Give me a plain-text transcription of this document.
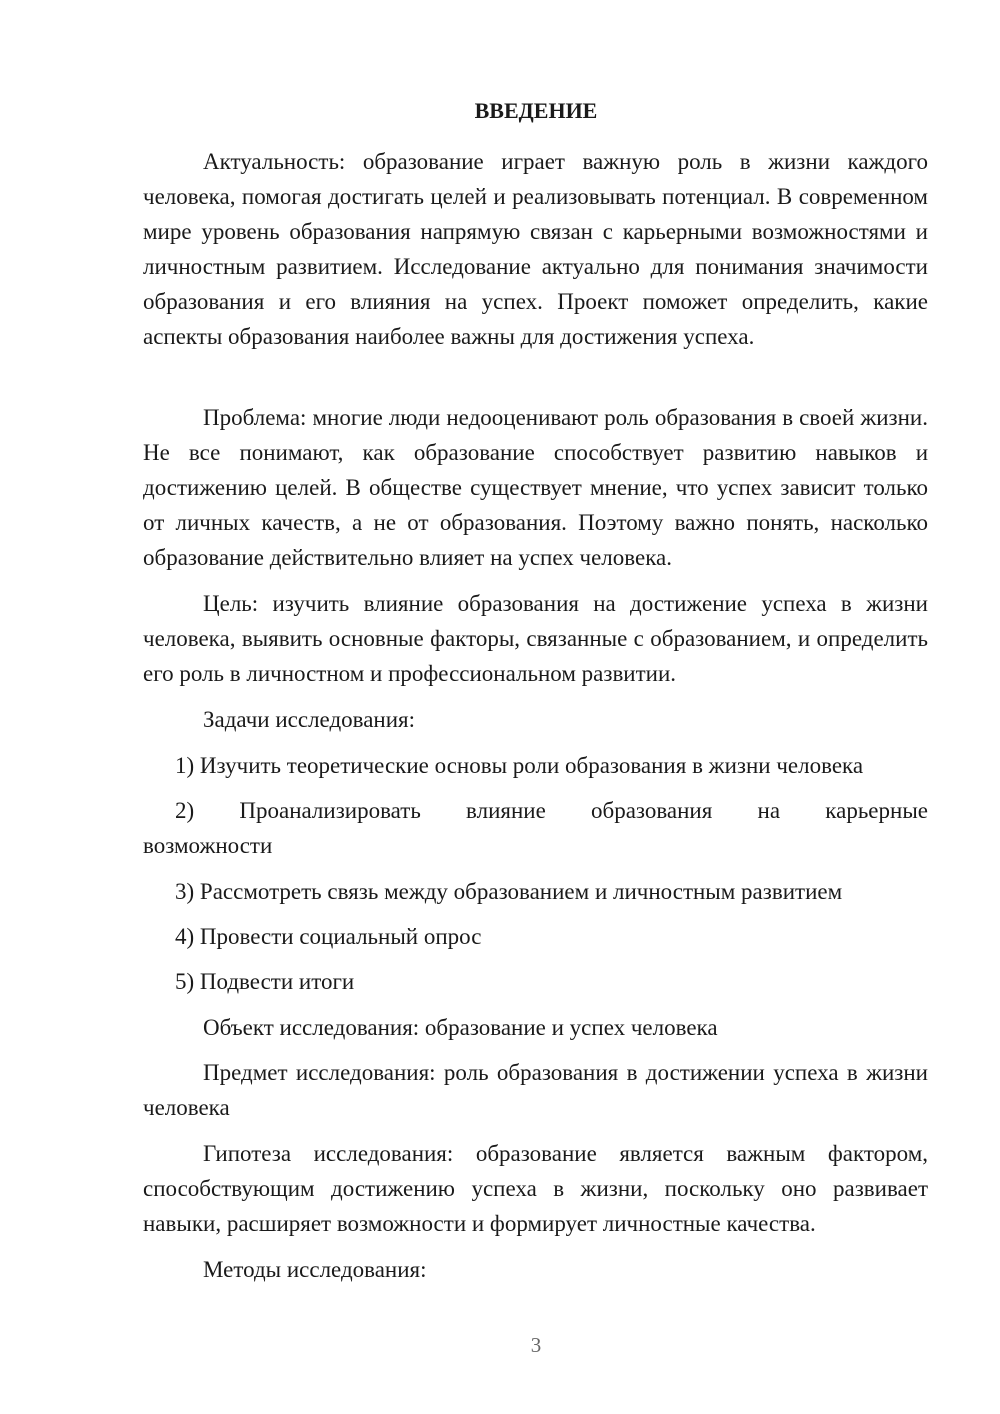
ВВЕДЕНИЕ

Актуальность: образование играет важную роль в жизни каждого человека, помогая достигать целей и реализовывать потенциал. В современном мире уровень образования напрямую связан с карьерными возможностями и личностным развитием. Исследование актуально для понимания значимости образования и его влияния на успех. Проект поможет определить, какие аспекты образования наиболее важны для достижения успеха.

Проблема: многие люди недооценивают роль образования в своей жизни. Не все понимают, как образование способствует развитию навыков и достижению целей. В обществе существует мнение, что успех зависит только от личных качеств, а не от образования. Поэтому важно понять, насколько образование действительно влияет на успех человека.

Цель: изучить влияние образования на достижение успеха в жизни человека, выявить основные факторы, связанные с образованием, и определить его роль в личностном и профессиональном развитии.

Задачи исследования:

1) Изучить теоретические основы роли образования в жизни человека

2) Проанализировать влияние образования на карьерные возможности

3) Рассмотреть связь между образованием и личностным развитием

4) Провести социальный опрос

5) Подвести итоги

Объект исследования: образование и успех человека

Предмет исследования: роль образования в достижении успеха в жизни человека

Гипотеза исследования: образование является важным фактором, способствующим достижению успеха в жизни, поскольку оно развивает навыки, расширяет возможности и формирует личностные качества.

Методы исследования:

3
